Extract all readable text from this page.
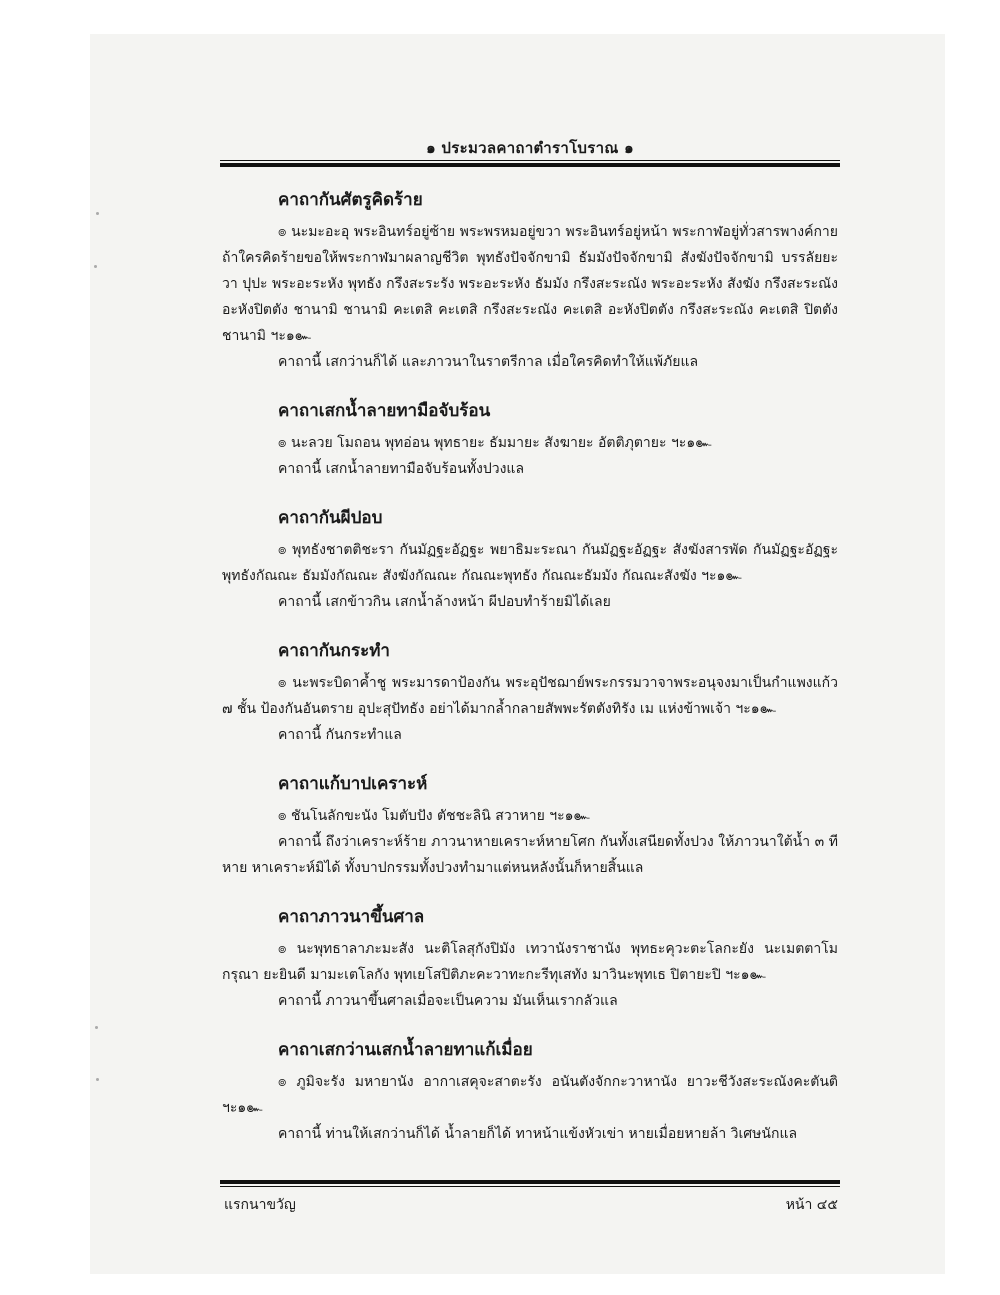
๑ ประมวลคาถาตำราโบราณ ๑
คาถากันศัตรูคิดร้าย

๏ นะมะอะอุ พระอินทร์อยู่ซ้าย พระพรหมอยู่ขวา พระอินทร์อยู่หน้า พระกาฬอยู่ทั่วสารพางค์กาย ถ้าใครคิดร้ายขอให้พระกาฬมาผลาญชีวิต พุทธังปัจจักขามิ ธัมมังปัจจักขามิ สังฆังปัจจักขามิ บรรลัยยะวา ปุปะ พระอะระหัง พุทธัง กรึงสะระรัง พระอะระหัง ธัมมัง กรึงสะระณัง พระอะระหัง สังฆัง กรึงสะระณัง อะหังปิตตัง ชานามิ ชานามิ คะเตสิ คะเตสิ กรึงสะระณัง คะเตสิ อะหังปิตตัง กรึงสะระณัง คะเตสิ ปิตตัง ชานามิ ฯะ๑๛

คาถานี้ เสกว่านก็ได้ และภาวนาในราตรีกาล เมื่อใครคิดทำให้แพ้ภัยแล

คาถาเสกน้ำลายทามือจับร้อน

๏ นะลวย โมถอน พุทอ่อน พุทธายะ ธัมมายะ สังฆายะ อัตติภุตายะ ฯะ๑๛

คาถานี้ เสกน้ำลายทามือจับร้อนทั้งปวงแล

คาถากันผีปอบ

๏ พุทธังชาตติชะรา กันมัฏฐะอัฏฐะ พยาธิมะระณา กันมัฏฐะอัฏฐะ สังฆังสารพัด กันมัฏฐะอัฏฐะ พุทธังกัณณะ ธัมมังกัณณะ สังฆังกัณณะ กัณณะพุทธัง กัณณะธัมมัง กัณณะสังฆัง ฯะ๑๛

คาถานี้ เสกข้าวกิน เสกน้ำล้างหน้า ผีปอบทำร้ายมิได้เลย

คาถากันกระทำ

๏ นะพระบิดาค้ำชู พระมารดาป้องกัน พระอุปัชฌาย์พระกรรมวาจาพระอนุจงมาเป็นกำแพงแก้ว ๗ ชั้น ป้องกันอันตราย อุปะสุปัทธัง อย่าได้มากล้ำกลายสัพพะรัตตังทิรัง เม แห่งข้าพเจ้า ฯะ๑๛

คาถานี้ กันกระทำแล

คาถาแก้บาปเคราะห์

๏ ชันโนลักขะนัง โมตับปัง ตัชชะลินิ สวาหาย ฯะ๑๛

คาถานี้ ถึงว่าเคราะห์ร้าย ภาวนาหายเคราะห์หายโศก กันทั้งเสนียดทั้งปวง ให้ภาวนาใต้น้ำ ๓ ที หาย หาเคราะห์มิได้ ทั้งบาปกรรมทั้งปวงทำมาแต่หนหลังนั้นก็หายสิ้นแล

คาถาภาวนาขึ้นศาล

๏ นะพุทธาลาภะมะสัง นะติโลสุกังปิมัง เทวานังราชานัง พุทธะคุวะตะโลกะยัง นะเมตตาโมกรุณา ยะยินดี มามะเตโลกัง พุทเยโสปิติภะคะวาทะกะรีทุเสทัง มาวินะพุทเธ ปิตายะปิ ฯะ๑๛

คาถานี้ ภาวนาขึ้นศาลเมื่อจะเป็นความ มันเห็นเรากลัวแล

คาถาเสกว่านเสกน้ำลายทาแก้เมื่อย

๏ ภูมิจะรัง มหายานัง อากาเสคุจะสาตะรัง อนันตังจักกะวาหานัง ยาวะชีวังสะระณังคะตันติ ฯะ๑๛

คาถานี้ ท่านให้เสกว่านก็ได้ น้ำลายก็ได้ ทาหน้าแข้งหัวเข่า หายเมื่อยหายล้า วิเศษนักแล

แรกนาขวัญ	หน้า ๔๕
